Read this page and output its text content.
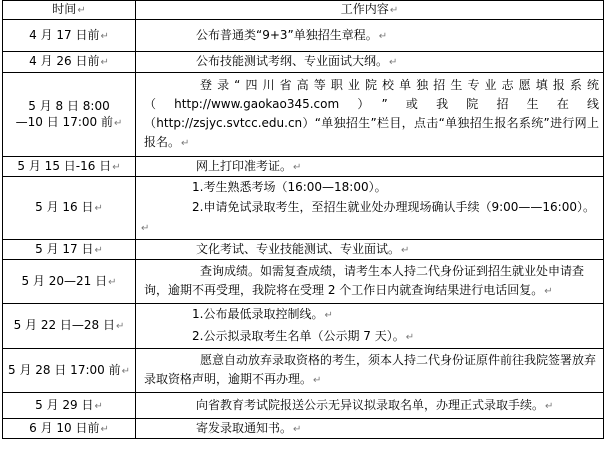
时间↵	工作内容↵
4 月 17 日前↵	公布普通类“9+3”单独招生章程。↵
4 月 26 日前↵	公布技能测试考纲、专业面试大纲。↵

5 月 8 日 8:00
—10 日 17:00 前↵	登录“四川省高等职业院校单独招生专业志愿填报系统（http://www.gaokao345.com）”或我院招生在线（http://zsjyc.svtcc.edu.cn）“单独招生”栏目，点击“单独招生报名系统”进行网上报名。↵
5 月 15 日-16 日↵	网上打印准考证。↵
5 月 16 日↵	1.考生熟悉考场（16:00—18:00）。
2.申请免试录取考生，至招生就业处办理现场确认手续（9:00——16:00）。↵

5 月 17 日↵	文化考试、专业技能测试、专业面试。↵
5 月 20—21 日↵	查询成绩。如需复查成绩，请考生本人持二代身份证到招生就业处申请查询，逾期不再受理，我院将在受理 2 个工作日内就查询结果进行电话回复。↵
5 月 22 日—28 日↵	1.公布最低录取控制线。↵
2.公示拟录取考生名单（公示期 7 天）。↵

5 月 28 日 17:00 前↵	愿意自动放弃录取资格的考生，须本人持二代身份证原件前往我院签署放弃录取资格声明，逾期不再办理。↵
5 月 29 日↵	向省教育考试院报送公示无异议拟录取名单，办理正式录取手续。↵
6 月 10 日前↵	寄发录取通知书。↵
